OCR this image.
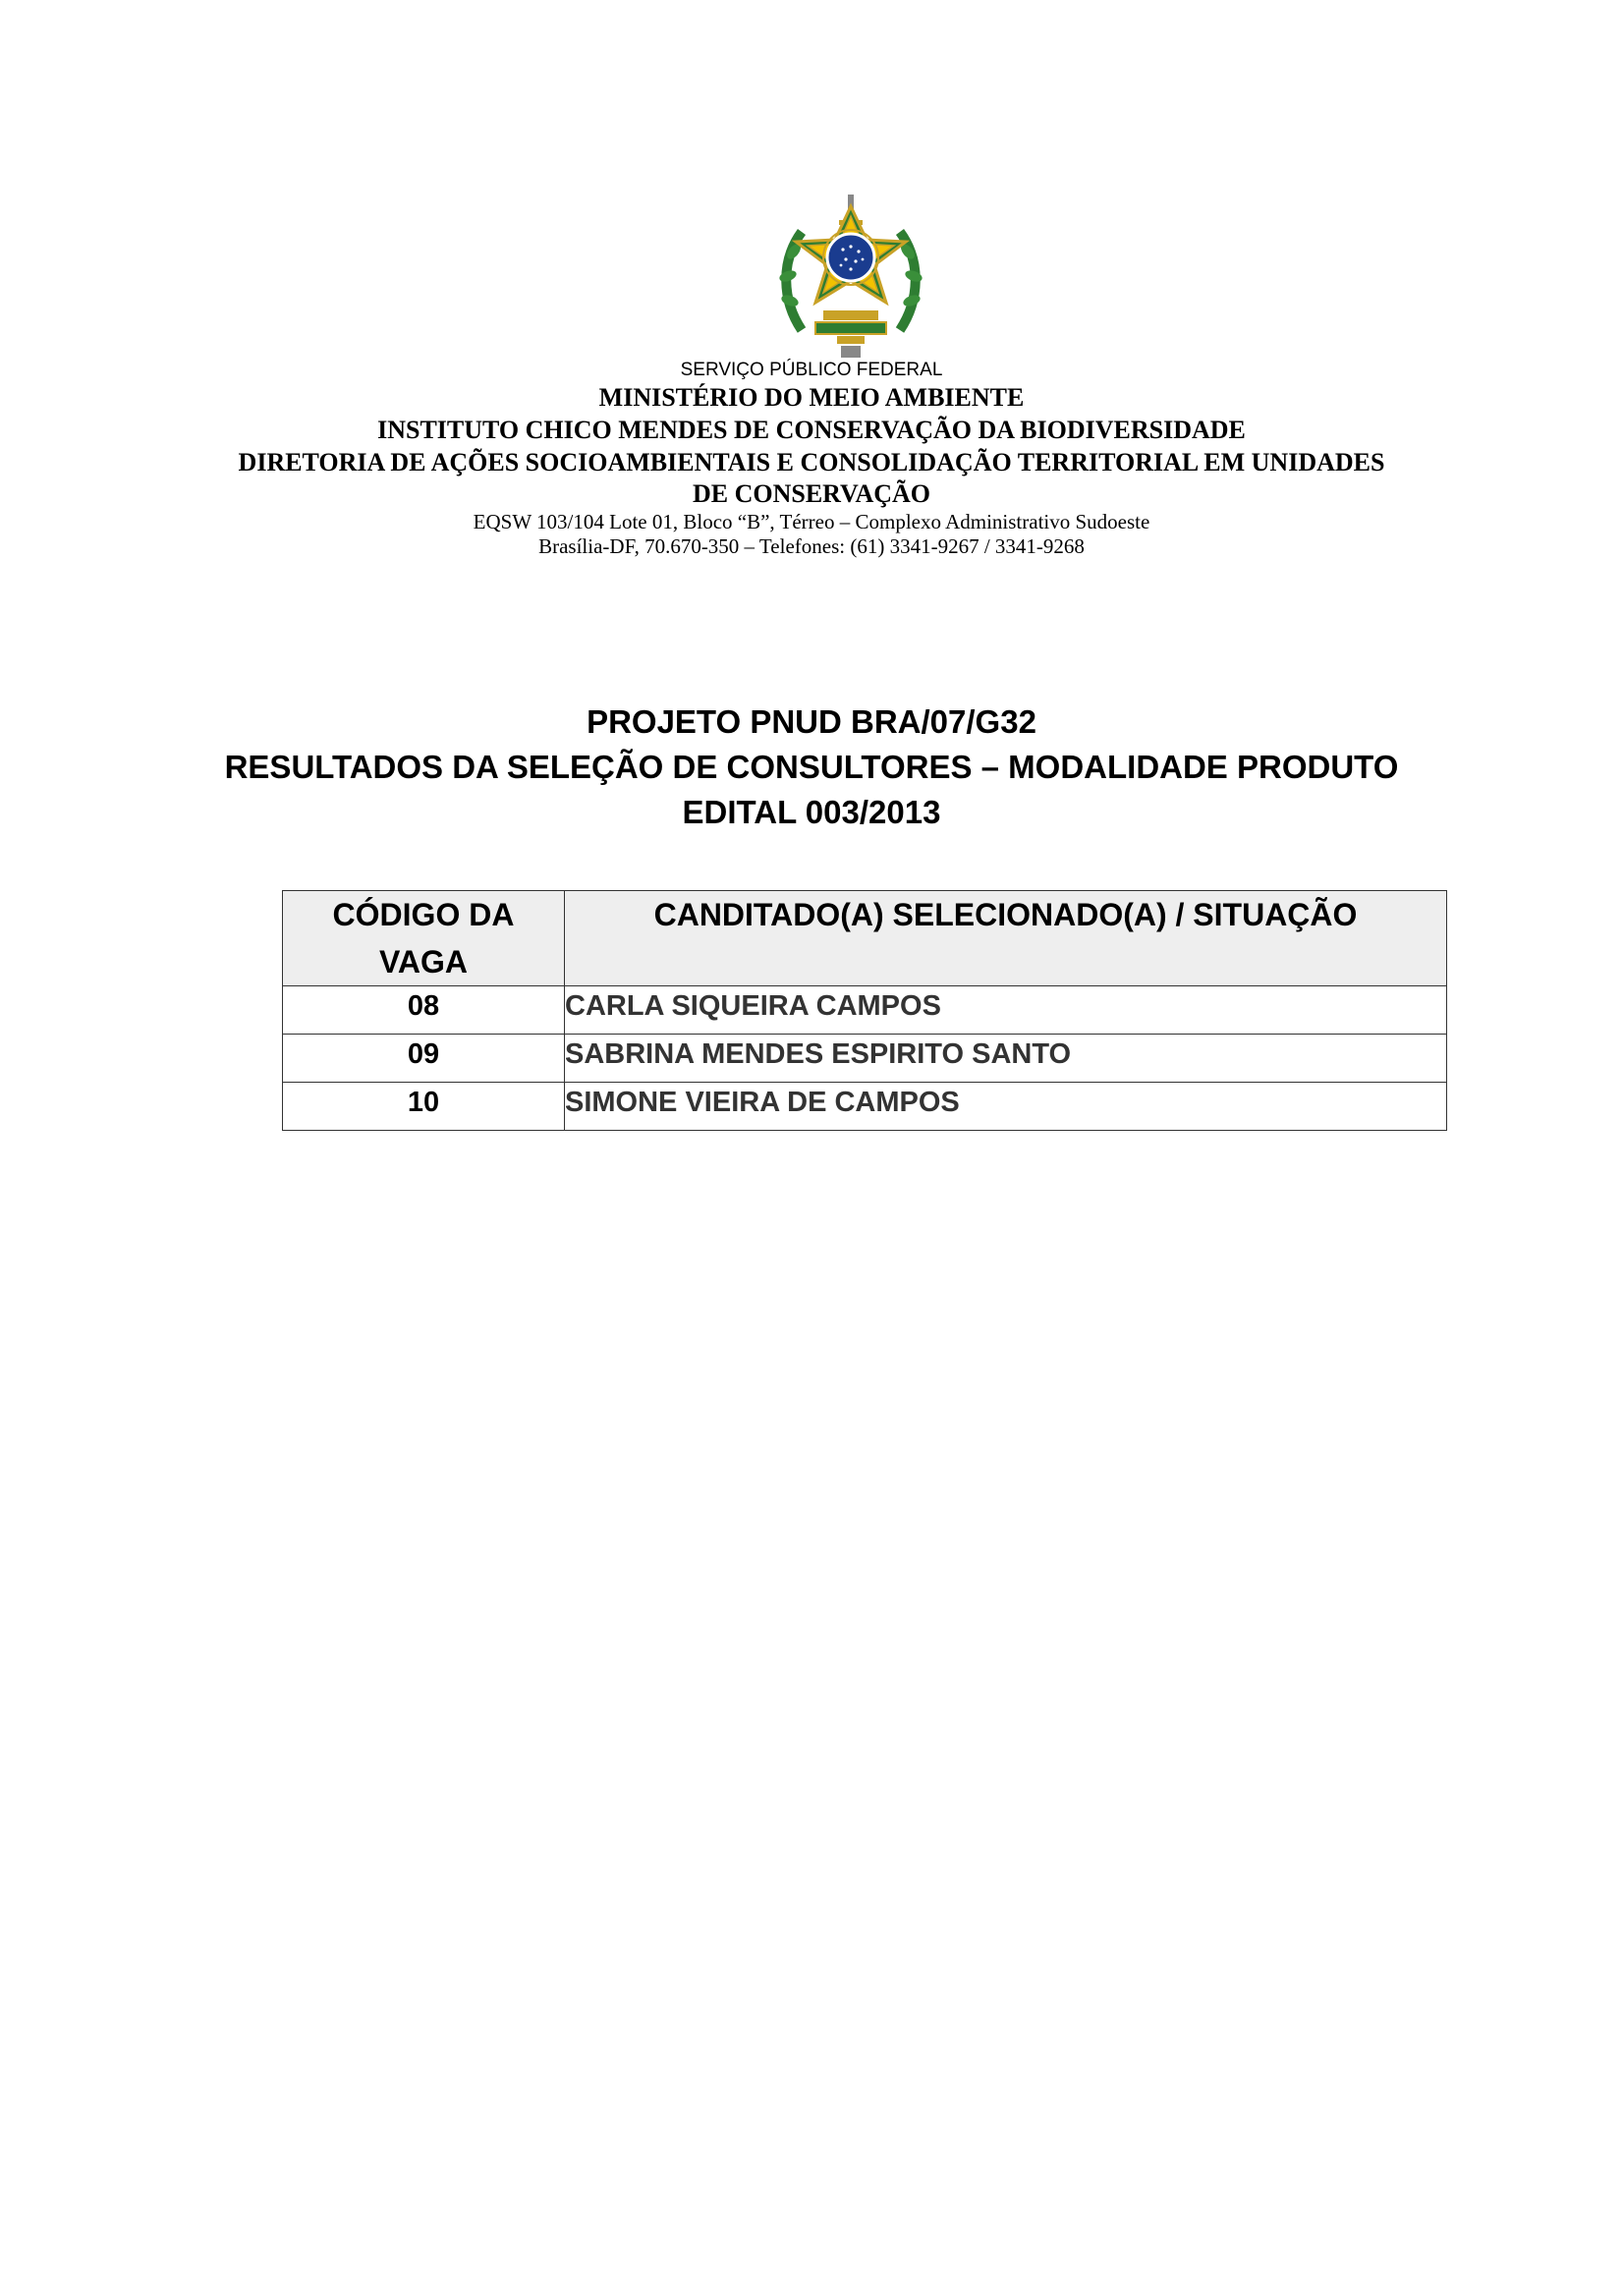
SERVIÇO PÚBLICO FEDERAL
MINISTÉRIO DO MEIO AMBIENTE
INSTITUTO CHICO MENDES DE CONSERVAÇÃO DA BIODIVERSIDADE
DIRETORIA DE AÇÕES SOCIOAMBIENTAIS E CONSOLIDAÇÃO TERRITORIAL EM UNIDADES
DE CONSERVAÇÃO
EQSW 103/104 Lote 01, Bloco “B”, Térreo – Complexo Administrativo Sudoeste
Brasília-DF, 70.670-350 – Telefones: (61) 3341-9267 / 3341-9268
PROJETO PNUD BRA/07/G32
RESULTADOS DA SELEÇÃO DE CONSULTORES – MODALIDADE PRODUTO
EDITAL 003/2013
CÓDIGO DA
VAGA	CANDITADO(A) SELECIONADO(A) / SITUAÇÃO
08	CARLA SIQUEIRA CAMPOS
09	SABRINA MENDES ESPIRITO SANTO
10	SIMONE VIEIRA DE CAMPOS
